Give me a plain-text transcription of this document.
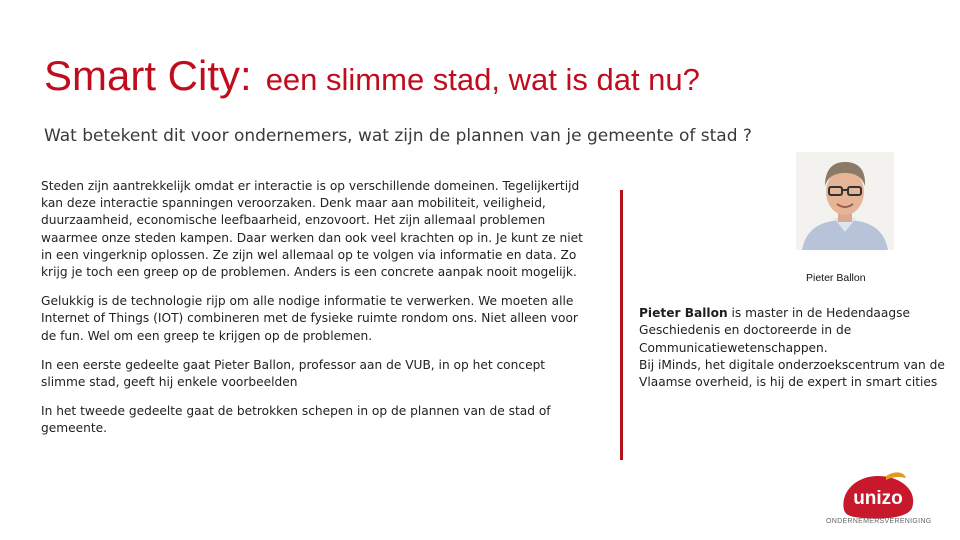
Smart City: een slimme stad, wat is dat nu?
Wat betekent dit voor ondernemers, wat zijn de plannen van je gemeente of stad ?

Steden zijn aantrekkelijk omdat er interactie is op verschillende domeinen. Tegelijkertijd kan deze interactie spanningen veroorzaken. Denk maar aan mobiliteit, veiligheid, duurzaamheid, economische leefbaarheid, enzovoort. Het zijn allemaal problemen waarmee onze steden kampen. Daar werken dan ook veel krachten op in. Je kunt ze niet in een vingerknip oplossen. Ze zijn wel allemaal op te volgen via informatie en data. Zo krijg je toch een greep op de problemen. Anders is een concrete aanpak nooit mogelijk.

Gelukkig is de technologie rijp om alle nodige informatie te verwerken. We moeten alle Internet of Things (IOT) combineren met de fysieke ruimte rondom ons. Niet alleen voor de fun. Wel om een greep te krijgen op de problemen.

In een eerste gedeelte gaat Pieter Ballon, professor aan de VUB, in op het concept slimme stad, geeft hij enkele voorbeelden

In het tweede gedeelte gaat de betrokken schepen in op de plannen van de stad of gemeente.

Pieter Ballon
Pieter Ballon is master in de Hedendaagse Geschiedenis en doctoreerde in de Communicatiewetenschappen.
Bij iMinds, het digitale onderzoekscentrum van de Vlaamse overheid, is hij de expert in smart cities
unizo
ONDERNEMERSVERENIGING
